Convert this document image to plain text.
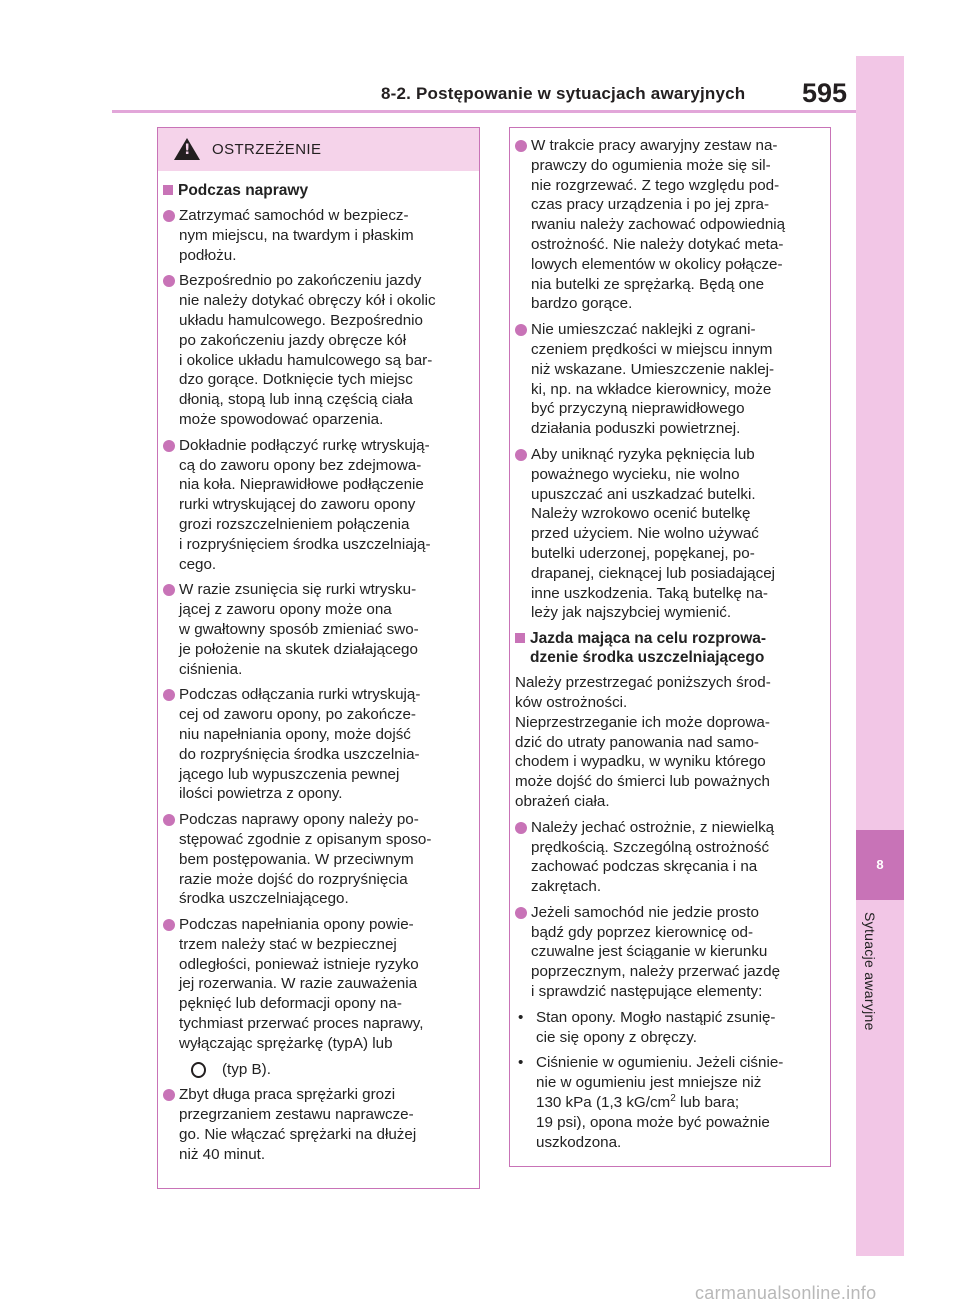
8-2. Postępowanie w sytuacjach awaryjnych 595
8
Sytuacje awaryjne
!
OSTRZEŻENIE
Podczas naprawy
Zatrzymać samochód w bezpiecz-
nym miejscu, na twardym i płaskim
podłożu.
Bezpośrednio po zakończeniu jazdy
nie należy dotykać obręczy kół i okolic
układu hamulcowego. Bezpośrednio
po zakończeniu jazdy obręcze kół
i okolice układu hamulcowego są bar-
dzo gorące. Dotknięcie tych miejsc
dłonią, stopą lub inną częścią ciała
może spowodować oparzenia.
Dokładnie podłączyć rurkę wtryskują-
cą do zaworu opony bez zdejmowa-
nia koła. Nieprawidłowe podłączenie
rurki wtryskującej do zaworu opony
grozi rozszczelnieniem połączenia
i rozpryśnięciem środka uszczelniają-
cego.
W razie zsunięcia się rurki wtrysku-
jącej z zaworu opony może ona
w gwałtowny sposób zmieniać swo-
je położenie na skutek działającego
ciśnienia.
Podczas odłączania rurki wtryskują-
cej od zaworu opony, po zakończe-
niu napełniania opony, może dojść
do rozpryśnięcia środka uszczelnia-
jącego lub wypuszczenia pewnej
ilości powietrza z opony.
Podczas naprawy opony należy po-
stępować zgodnie z opisanym sposo-
bem postępowania. W przeciwnym
razie może dojść do rozpryśnięcia
środka uszczelniającego.
Podczas napełniania opony powie-
trzem należy stać w bezpiecznej
odległości, ponieważ istnieje ryzyko
jej rozerwania. W razie zauważenia
pęknięć lub deformacji opony na-
tychmiast przerwać proces naprawy,
wyłączając sprężarkę (typA) lub
(typ B).
Zbyt długa praca sprężarki grozi
przegrzaniem zestawu naprawcze-
go. Nie włączać sprężarki na dłużej
niż 40 minut.
W trakcie pracy awaryjny zestaw na-
prawczy do ogumienia może się sil-
nie rozgrzewać. Z tego względu pod-
czas pracy urządzenia i po jej zpra-
rwaniu należy zachować odpowiednią
ostrożność. Nie należy dotykać meta-
lowych elementów w okolicy połącze-
nia butelki ze sprężarką. Będą one
bardzo gorące.
Nie umieszczać naklejki z ograni-
czeniem prędkości w miejscu innym
niż wskazane. Umieszczenie naklej-
ki, np. na wkładce kierownicy, może
być przyczyną nieprawidłowego
działania poduszki powietrznej.
Aby uniknąć ryzyka pęknięcia lub
poważnego wycieku, nie wolno
upuszczać ani uszkadzać butelki.
Należy wzrokowo ocenić butelkę
przed użyciem. Nie wolno używać
butelki uderzonej, popękanej, po-
drapanej, cieknącej lub posiadającej
inne uszkodzenia. Taką butelkę na-
leży jak najszybciej wymienić.
Jazda mająca na celu rozprowa-
dzenie środka uszczelniającego
Należy przestrzegać poniższych środ-
ków ostrożności.
Nieprzestrzeganie ich może doprowa-
dzić do utraty panowania nad samo-
chodem i wypadku, w wyniku którego
może dojść do śmierci lub poważnych
obrażeń ciała.
Należy jechać ostrożnie, z niewielką
prędkością. Szczególną ostrożność
zachować podczas skręcania i na
zakrętach.
Jeżeli samochód nie jedzie prosto
bądź gdy poprzez kierownicę od-
czuwalne jest ściąganie w kierunku
poprzecznym, należy przerwać jazdę
i sprawdzić następujące elementy:
• Stan opony. Mogło nastąpić zsunię-
cie się opony z obręczy.
• Ciśnienie w ogumieniu. Jeżeli ciśnie-
nie w ogumieniu jest mniejsze niż
130 kPa (1,3 $kG/cm^2$ lub bara;
19 psi), opona może być poważnie
uszkodzona.
carmanualsonline.info
